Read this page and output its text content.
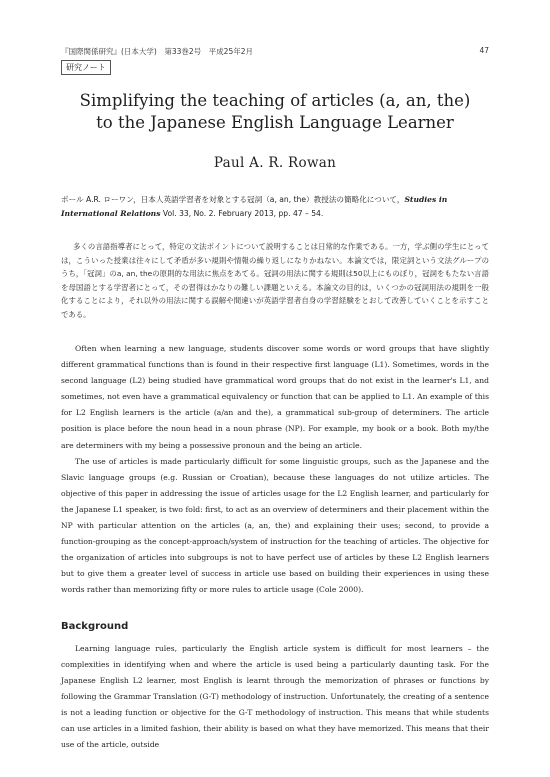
『国際関係研究』(日本大学)　第33巻2号　平成25年2月	47
研究ノート
Simplifying the teaching of articles (a, an, the)
to the Japanese English Language Learner
Paul A. R. Rowan
ポール A.R. ローワン，日本人英語学習者を対象とする冠詞（a, an, the）教授法の簡略化について，Studies in International Relations Vol. 33, No. 2. February 2013, pp. 47 – 54.
多くの言語指導者にとって，特定の文法ポイントについて説明することは日常的な作業である。一方，学ぶ側の学生にとっては，こういった授業は往々にして矛盾が多い規則や情報の繰り返しになりかねない。本論文では，限定詞という文法グループのうち，「冠詞」のa, an, theの原則的な用法に焦点をあてる。冠詞の用法に関する規則は50以上にものぼり，冠詞をもたない言語を母国語とする学習者にとって，その習得はかなりの難しい課題といえる。本論文の目的は，いくつかの冠詞用法の規則を一般化することにより，それ以外の用法に関する誤解や間違いが英語学習者自身の学習経験をとおして改善していくことを示すことである。

Often when learning a new language, students discover some words or word groups that have slightly different grammatical functions than is found in their respective first language (L1). Sometimes, words in the second language (L2) being studied have grammatical word groups that do not exist in the learner's L1, and sometimes, not even have a grammatical equivalency or function that can be applied to L1. An example of this for L2 English learners is the article (a/an and the), a grammatical sub-group of determiners. The article position is place before the noun head in a noun phrase (NP). For example, my book or a book. Both my/the are determiners with my being a possessive pronoun and the being an article.

The use of articles is made particularly difficult for some linguistic groups, such as the Japanese and the Slavic language groups (e.g. Russian or Croatian), because these languages do not utilize articles. The objective of this paper in addressing the issue of articles usage for the L2 English learner, and particularly for the Japanese L1 speaker, is two fold: first, to act as an overview of determiners and their placement within the NP with particular attention on the articles (a, an, the) and explaining their uses; second, to provide a function-grouping as the concept-approach/system of instruction for the teaching of articles. The objective for the organization of articles into subgroups is not to have perfect use of articles by these L2 English learners but to give them a greater level of success in article use based on building their experiences in using these words rather than memorizing fifty or more rules to article usage (Cole 2000).

Background

Learning language rules, particularly the English article system is difficult for most learners – the complexities in identifying when and where the article is used being a particularly daunting task. For the Japanese English L2 learner, most English is learnt through the memorization of phrases or functions by following the Grammar Translation (G-T) methodology of instruction. Unfortunately, the creating of a sentence is not a leading function or objective for the G-T methodology of instruction. This means that while students can use articles in a limited fashion, their ability is based on what they have memorized. This means that their use of the article, outside
